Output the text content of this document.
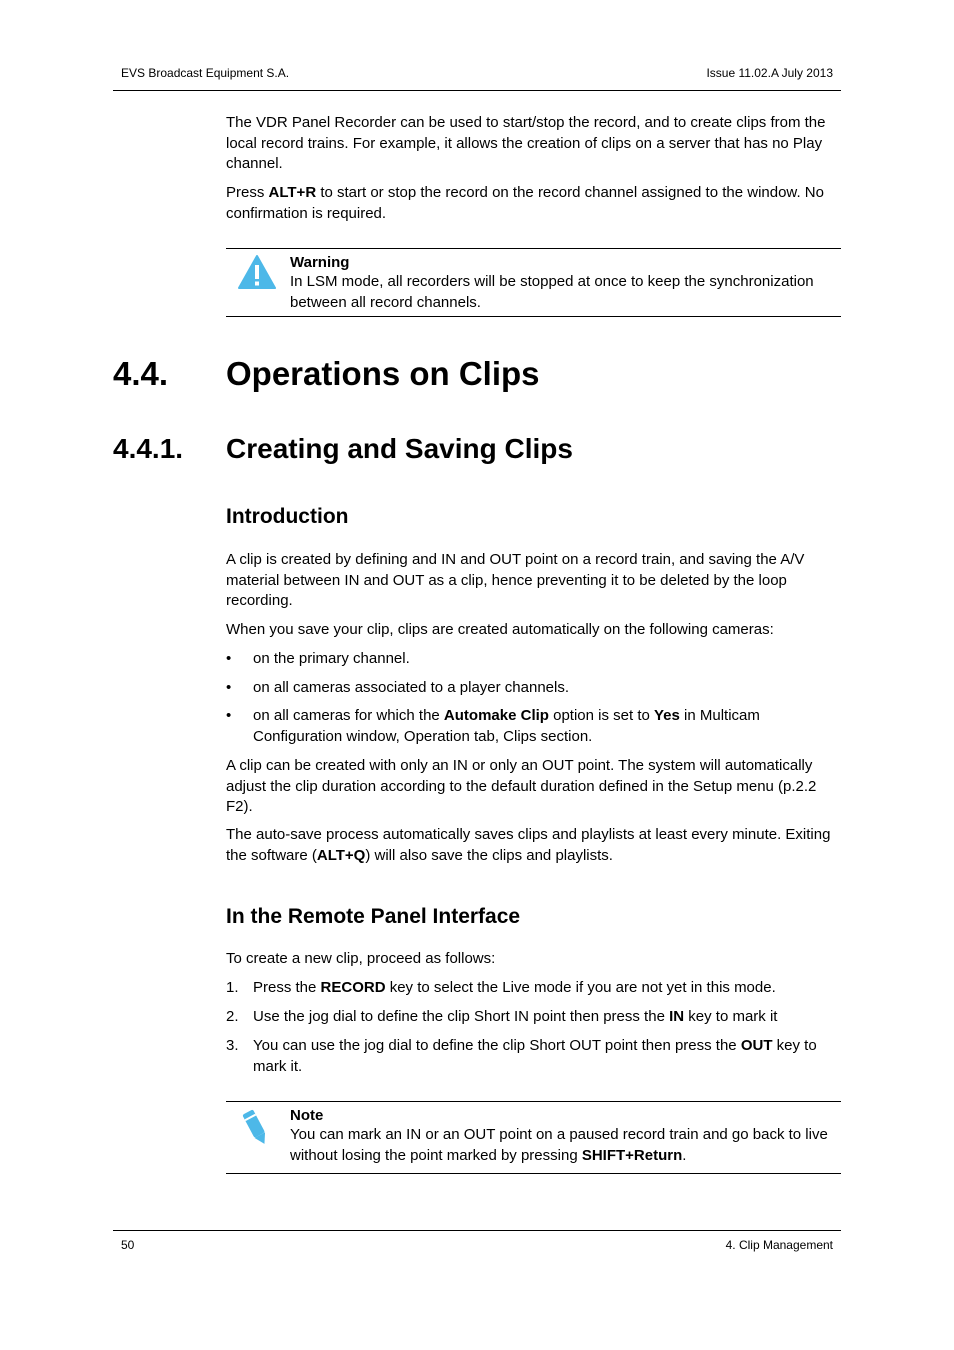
EVS Broadcast Equipment S.A.	Issue 11.02.A July 2013

The VDR Panel Recorder can be used to start/stop the record, and to create clips from the local record trains. For example, it allows the creation of clips on a server that has no Play channel.

Press ALT+R to start or stop the record on the record channel assigned to the window. No confirmation is required.

Warning
In LSM mode, all recorders will be stopped at once to keep the synchronization between all record channels.
4.4. Operations on Clips
4.4.1. Creating and Saving Clips
Introduction

A clip is created by defining and IN and OUT point on a record train, and saving the A/V material between IN and OUT as a clip, hence preventing it to be deleted by the loop recording.

When you save your clip, clips are created automatically on the following cameras:

• on the primary channel.
• on all cameras associated to a player channels.
• on all cameras for which the Automake Clip option is set to Yes in Multicam Configuration window, Operation tab, Clips section.

A clip can be created with only an IN or only an OUT point. The system will automatically adjust the clip duration according to the default duration defined in the Setup menu (p.2.2 F2).

The auto-save process automatically saves clips and playlists at least every minute. Exiting the software (ALT+Q) will also save the clips and playlists.

In the Remote Panel Interface

To create a new clip, proceed as follows:

1. Press the RECORD key to select the Live mode if you are not yet in this mode.
2. Use the jog dial to define the clip Short IN point then press the IN key to mark it
3. You can use the jog dial to define the clip Short OUT point then press the OUT key to mark it.
Note
You can mark an IN or an OUT point on a paused record train and go back to live without losing the point marked by pressing SHIFT+Return.
50	4. Clip Management
